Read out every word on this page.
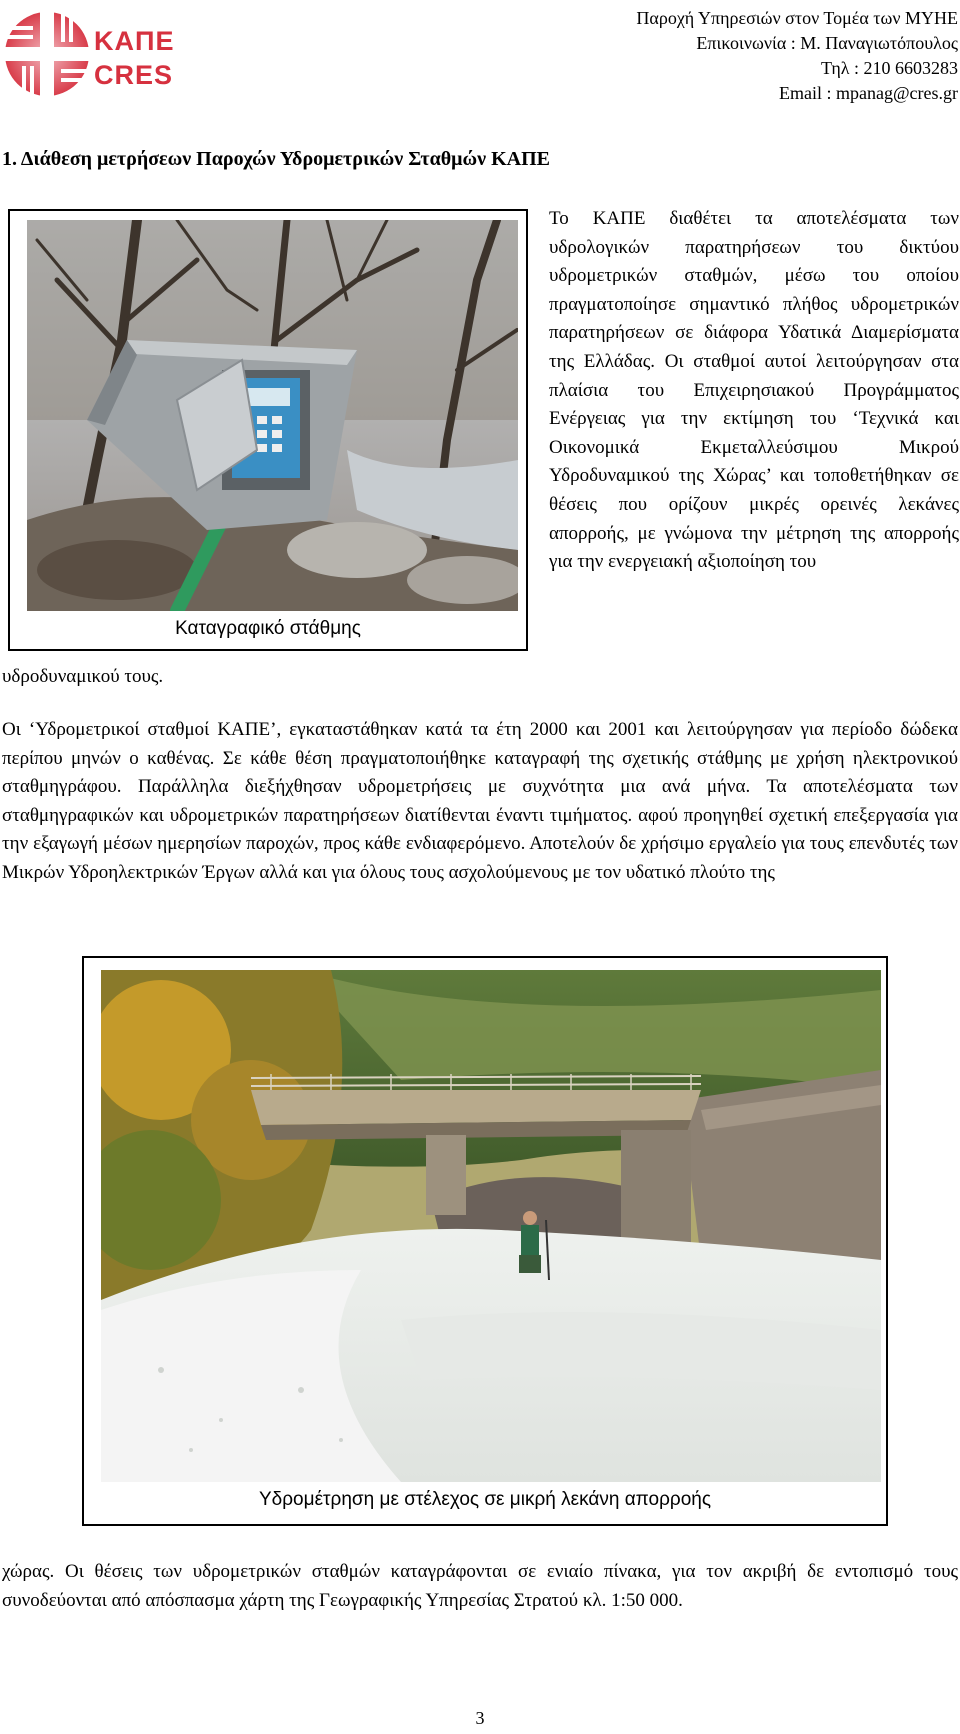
ΚΑΠΕ
CRES
Παροχή Υπηρεσιών στον Τομέα των ΜΥΗΕ
Επικοινωνία : Μ. Παναγιωτόπουλος
Τηλ : 210 6603283
Email : mpanag@cres.gr
1. Διάθεση μετρήσεων Παροχών Υδρομετρικών Σταθμών ΚΑΠΕ
Καταγραφικό στάθμης
Το ΚΑΠΕ διαθέτει τα αποτελέσματα των υδρολογικών παρατηρήσεων του δικτύου υδρομετρικών σταθμών, μέσω του οποίου πραγματοποίησε σημαντικό πλήθος υδρομετρικών παρατηρήσεων σε διάφορα Υδατικά Διαμερίσματα της Ελλάδας. Οι σταθμοί αυτοί λειτούργησαν στα πλαίσια του Επιχειρησιακού Προγράμματος Ενέργειας για την εκτίμηση του ‘Τεχνικά και Οικονομικά Εκμεταλλεύσιμου Μικρού Υδροδυναμικού της Χώρας’ και τοποθετήθηκαν σε θέσεις που ορίζουν μικρές ορεινές λεκάνες απορροής, με γνώμονα την μέτρηση της απορροής για την ενεργειακή αξιοποίηση του
υδροδυναμικού τους.
Οι ‘Υδρομετρικοί σταθμοί ΚΑΠΕ’, εγκαταστάθηκαν κατά τα έτη 2000 και 2001 και λειτούργησαν για περίοδο δώδεκα περίπου μηνών ο καθένας. Σε κάθε θέση πραγματοποιήθηκε καταγραφή της σχετικής στάθμης με χρήση ηλεκτρονικού σταθμηγράφου. Παράλληλα διεξήχθησαν υδρομετρήσεις με συχνότητα μια ανά μήνα. Τα αποτελέσματα των σταθμηγραφικών και υδρομετρικών παρατηρήσεων διατίθενται έναντι τιμήματος. αφού προηγηθεί σχετική επεξεργασία για την εξαγωγή μέσων ημερησίων παροχών, προς κάθε ενδιαφερόμενο. Αποτελούν δε χρήσιμο εργαλείο για τους επενδυτές των Μικρών Υδροηλεκτρικών Έργων αλλά και για όλους τους ασχολούμενους με τον υδατικό πλούτο της
Υδρομέτρηση με στέλεχος σε μικρή λεκάνη απορροής
χώρας. Οι θέσεις των υδρομετρικών σταθμών καταγράφονται σε ενιαίο πίνακα, για τον ακριβή δε εντοπισμό τους συνοδεύονται από απόσπασμα χάρτη της Γεωγραφικής Υπηρεσίας Στρατού κλ. 1:50 000.
3
